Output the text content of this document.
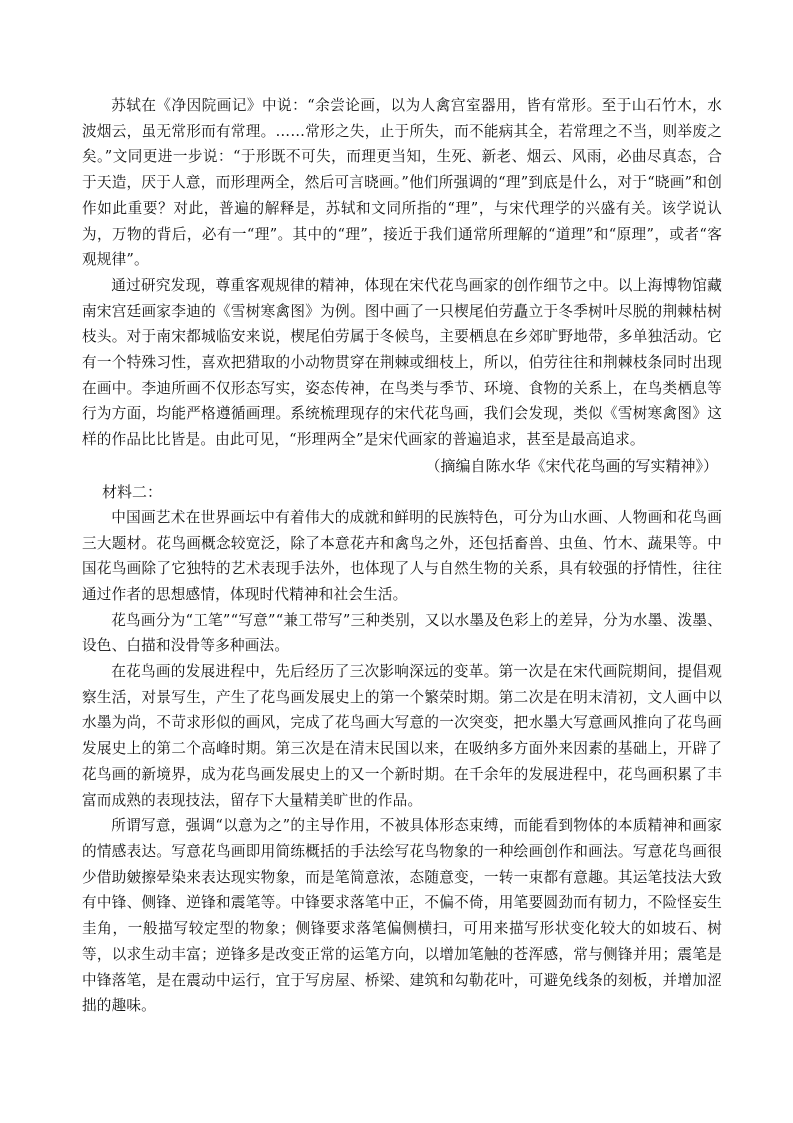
苏轼在《净因院画记》中说：“余尝论画，以为人禽宫室器用，皆有常形。至于山石竹木，水波烟云，虽无常形而有常理。……常形之失，止于所失，而不能病其全，若常理之不当，则举废之矣。”文同更进一步说：“于形既不可失，而理更当知，生死、新老、烟云、风雨，必曲尽真态，合于天造，厌于人意，而形理两全，然后可言晓画。”他们所强调的“理”到底是什么，对于“晓画”和创作如此重要？对此，普遍的解释是，苏轼和文同所指的“理”，与宋代理学的兴盛有关。该学说认为，万物的背后，必有一“理”。其中的“理”，接近于我们通常所理解的“道理”和“原理”，或者“客观规律”。

通过研究发现，尊重客观规律的精神，体现在宋代花鸟画家的创作细节之中。以上海博物馆藏南宋宫廷画家李迪的《雪树寒禽图》为例。图中画了一只楔尾伯劳矗立于冬季树叶尽脱的荆棘枯树枝头。对于南宋都城临安来说，楔尾伯劳属于冬候鸟，主要栖息在乡郊旷野地带，多单独活动。它有一个特殊习性，喜欢把猎取的小动物贯穿在荆棘或细枝上，所以，伯劳往往和荆棘枝条同时出现在画中。李迪所画不仅形态写实，姿态传神，在鸟类与季节、环境、食物的关系上，在鸟类栖息等行为方面，均能严格遵循画理。系统梳理现存的宋代花鸟画，我们会发现，类似《雪树寒禽图》这样的作品比比皆是。由此可见，“形理两全”是宋代画家的普遍追求，甚至是最高追求。

（摘编自陈水华《宋代花鸟画的写实精神》）

材料二：

中国画艺术在世界画坛中有着伟大的成就和鲜明的民族特色，可分为山水画、人物画和花鸟画三大题材。花鸟画概念较宽泛，除了本意花卉和禽鸟之外，还包括畜兽、虫鱼、竹木、蔬果等。中国花鸟画除了它独特的艺术表现手法外，也体现了人与自然生物的关系，具有较强的抒情性，往往通过作者的思想感情，体现时代精神和社会生活。

花鸟画分为“工笔”“写意”“兼工带写”三种类别，又以水墨及色彩上的差异，分为水墨、泼墨、设色、白描和没骨等多种画法。

在花鸟画的发展进程中，先后经历了三次影响深远的变革。第一次是在宋代画院期间，提倡观察生活，对景写生，产生了花鸟画发展史上的第一个繁荣时期。第二次是在明末清初，文人画中以水墨为尚，不苛求形似的画风，完成了花鸟画大写意的一次突变，把水墨大写意画风推向了花鸟画发展史上的第二个高峰时期。第三次是在清末民国以来，在吸纳多方面外来因素的基础上，开辟了花鸟画的新境界，成为花鸟画发展史上的又一个新时期。在千余年的发展进程中，花鸟画积累了丰富而成熟的表现技法，留存下大量精美旷世的作品。

所谓写意，强调“以意为之”的主导作用，不被具体形态束缚，而能看到物体的本质精神和画家的情感表达。写意花鸟画即用简练概括的手法绘写花鸟物象的一种绘画创作和画法。写意花鸟画很少借助皴擦晕染来表达现实物象，而是笔简意浓，态随意变，一转一束都有意趣。其运笔技法大致有中锋、侧锋、逆锋和震笔等。中锋要求落笔中正，不偏不倚，用笔要圆劲而有韧力，不险怪妄生圭角，一般描写较定型的物象；侧锋要求落笔偏侧横扫，可用来描写形状变化较大的如坡石、树等，以求生动丰富；逆锋多是改变正常的运笔方向，以增加笔触的苍浑感，常与侧锋并用；震笔是中锋落笔，是在震动中运行，宜于写房屋、桥梁、建筑和勾勒花叶，可避免线条的刻板，并增加涩拙的趣味。
